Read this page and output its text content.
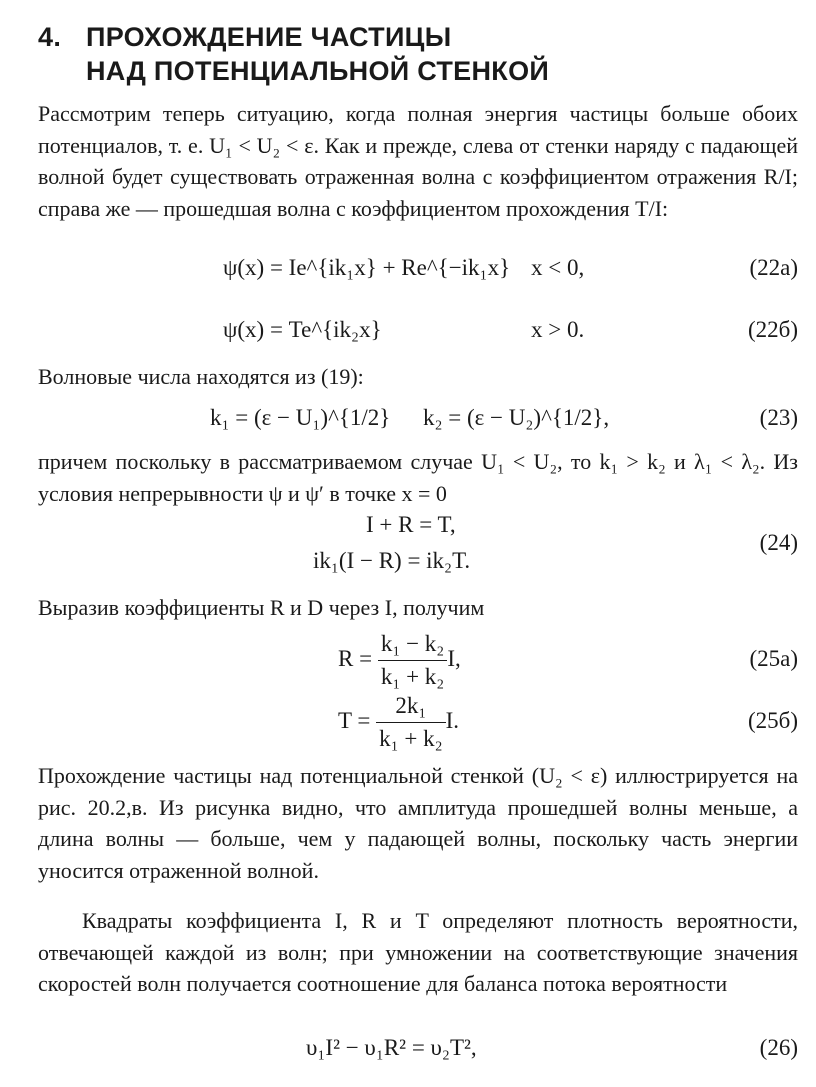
4. ПРОХОЖДЕНИЕ ЧАСТИЦЫ
НАД ПОТЕНЦИАЛЬНОЙ СТЕНКОЙ
Рассмотрим теперь ситуацию, когда полная энергия частицы больше обоих потенциалов, т. е. U₁ < U₂ < ε. Как и прежде, слева от стенки наряду с падающей волной будет существовать отраженная волна с коэффициентом отражения R/I; справа же — прошедшая волна с коэффициентом прохождения T/I:
ψ(x) = Ie^{ik₁x} + Re^{−ik₁x} x < 0,	(22а)
ψ(x) = Te^{ik₂x}	x > 0.	(22б)
Волновые числа находятся из (19):
k₁ = (ε − U₁)^{1/2} k₂ = (ε − U₂)^{1/2},	(23)
причем поскольку в рассматриваемом случае U₁ < U₂, то k₁ > k₂ и λ₁ < λ₂. Из условия непрерывности ψ и ψ′ в точке x = 0
I + R = T,
ik₁(I − R) = ik₂T.
(24)
Выразив коэффициенты R и D через I, получим
$R = \frac{\text{k₁ − k₂}}{\text{k₁ + k₂}} I$,	(25а)
$T = \frac{\text{2k₁}}{\text{k₁ + k₂}} I$.	(25б)
Прохождение частицы над потенциальной стенкой (U₂ < ε) иллюстрируется на рис. 20.2,в. Из рисунка видно, что амплитуда прошедшей волны меньше, а длина волны — больше, чем у падающей волны, поскольку часть энергии уносится отраженной волной.
Квадраты коэффициента I, R и T определяют плотность вероятности, отвечающей каждой из волн; при умножении на соответствующие значения скоростей волн получается соотношение для баланса потока вероятности
υ₁I² − υ₁R² = υ₂T²,	(26)
